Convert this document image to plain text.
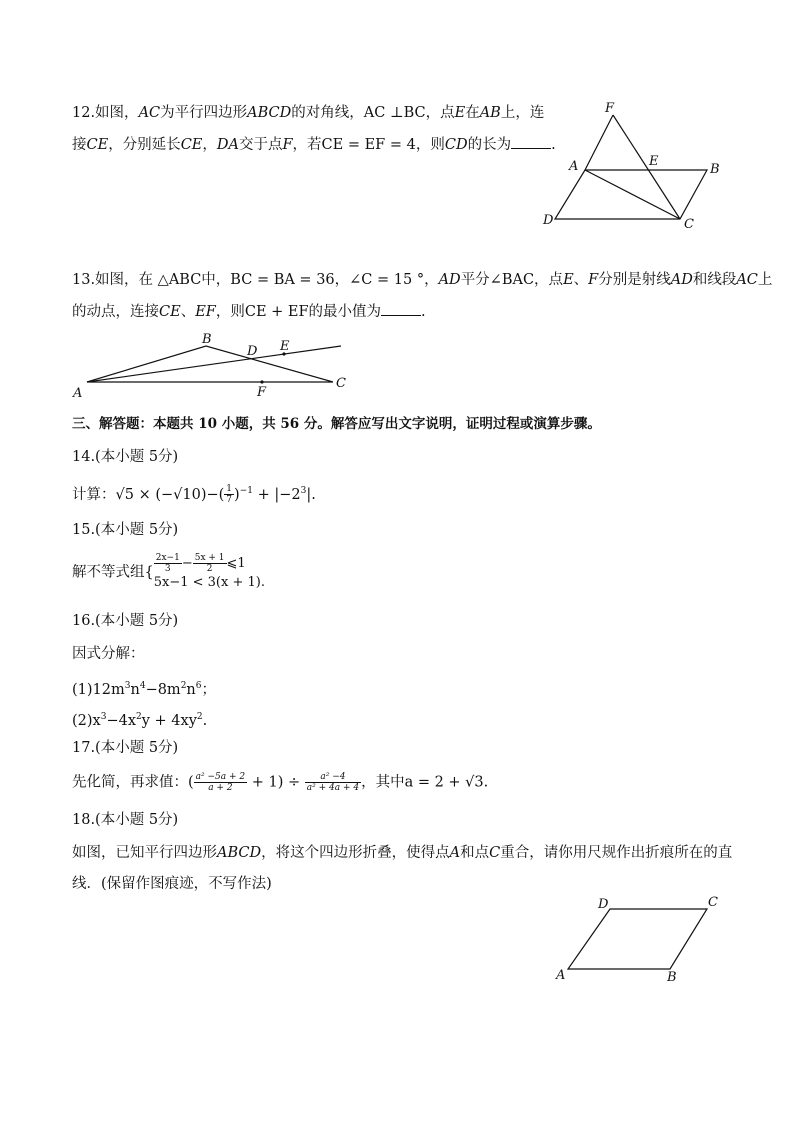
12.如图，AC为平行四边形ABCD的对角线，AC ⊥BC，点E在AB上，连
接CE，分别延长CE，DA交于点F，若CE = EF = 4，则CD的长为	.
F
A	E
B
D	C
13.如图，在 △ABC中，BC = BA = 36，∠C = 15 °，AD平分∠BAC，点E、F分别是射线AD和线段AC上
的动点，连接CE、EF，则CE + EF的最小值为	.
B
D E
A	F
C
三、解答题：本题共 10 小题，共 56 分。解答应写出文字说明，证明过程或演算步骤。
14.(本小题 5分)
计算：$√5 \times (-√10)-( \frac{1}{7} )^{-1} + |-2^3|$.
15.(本小题 5分)
解不等式组{ $\frac{2x-1}{3} - \frac{5x + 1}{2}$ ⩽1
5x−1 < 3(x + 1).
16.(本小题 5分)
因式分解：
$(1)12m^3n^4-8m^2n^6$；
$(2)x^3-4x^2y + 4xy^2$.
17.(本小题 5分)
先化简，再求值：( $\frac{\text{a² −5a + 2}}{a + 2} + 1) \div \frac{\text{a² −4}}{\text{a² + 4a + 4}}$ ，其中a = 2 + √3.
18.(本小题 5分)
如图，已知平行四边形ABCD，将这个四边形折叠，使得点A和点C重合，请你用尺规作出折痕所在的直
线．(保留作图痕迹，不写作法)
D	C
A	B
